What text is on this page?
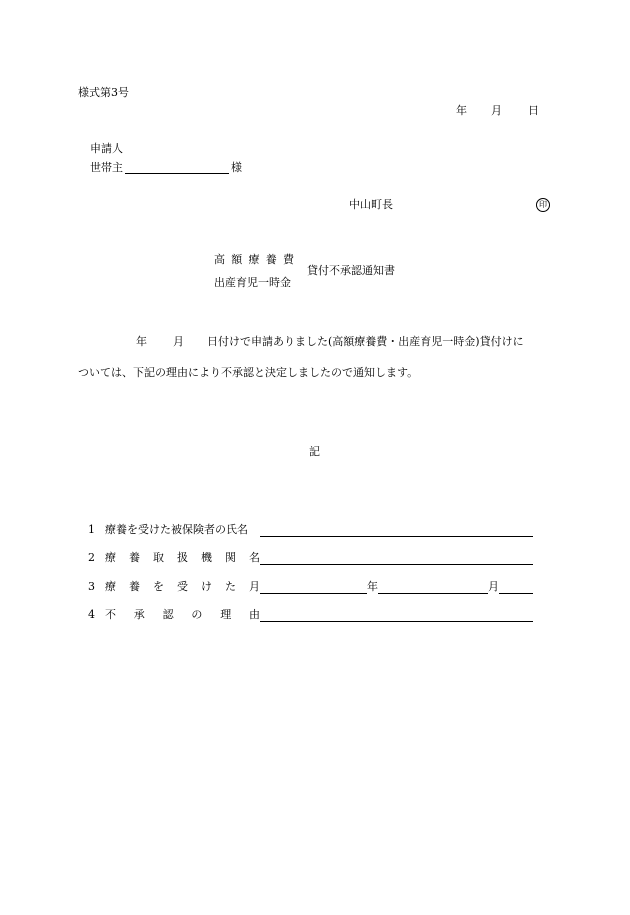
様式第3号
年 月 日
申請人
世帯主	様
中山町長	印
高 額 療 養 費
出産育児一時金
貸付不承認通知書
年 月 日付けで申請ありました(高額療養費・出産育児一時金)貸付けに
ついては、下記の理由により不承認と決定しましたので通知します。
記
1 療養を受けた被保険者の氏名
2 療 養 取 扱 機 関 名
3 療 養 を 受 け た 月	年	月
4 不 承 認 の 理 由
